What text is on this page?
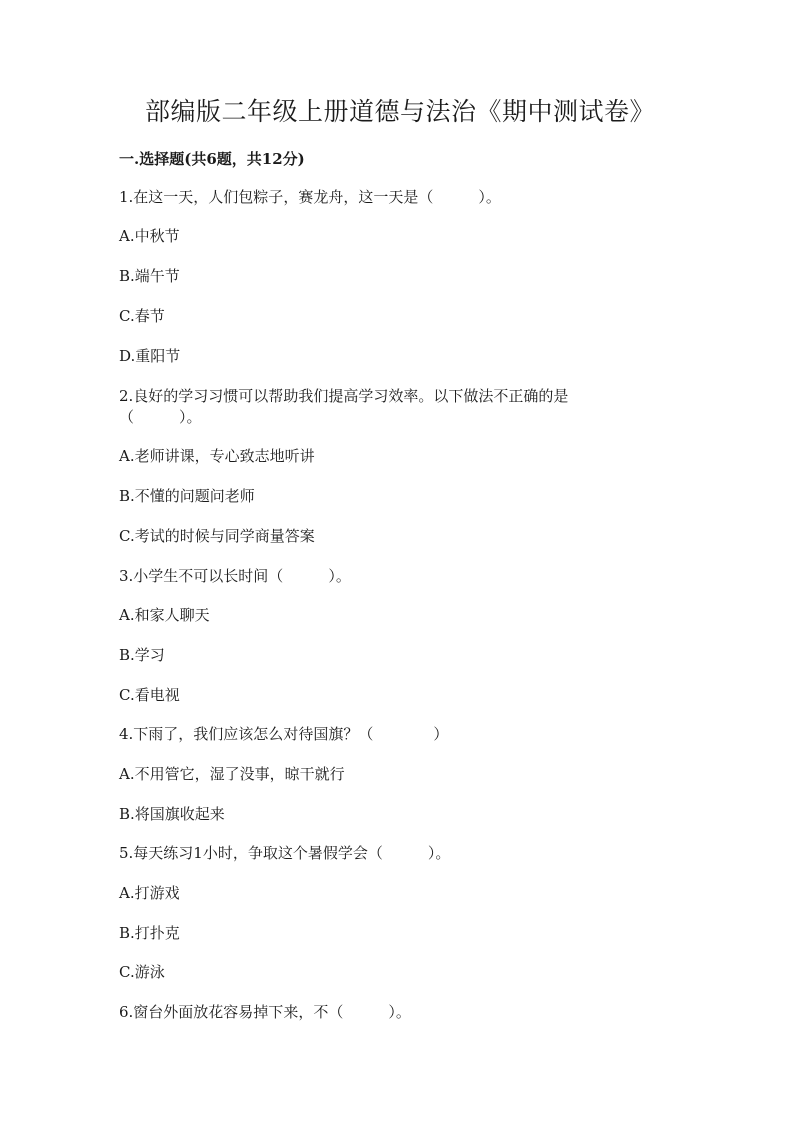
部编版二年级上册道德与法治《期中测试卷》
一.选择题(共6题，共12分)
1.在这一天，人们包粽子，赛龙舟，这一天是（　　　）。
A.中秋节
B.端午节
C.春节
D.重阳节
2.良好的学习习惯可以帮助我们提高学习效率。以下做法不正确的是
（　　　）。
A.老师讲课，专心致志地听讲
B.不懂的问题问老师
C.考试的时候与同学商量答案
3.小学生不可以长时间（　　　）。
A.和家人聊天
B.学习
C.看电视
4.下雨了，我们应该怎么对待国旗？（　　　　）
A.不用管它，湿了没事，晾干就行
B.将国旗收起来
5.每天练习1小时，争取这个暑假学会（　　　）。
A.打游戏
B.打扑克
C.游泳
6.窗台外面放花容易掉下来，不（　　　）。
